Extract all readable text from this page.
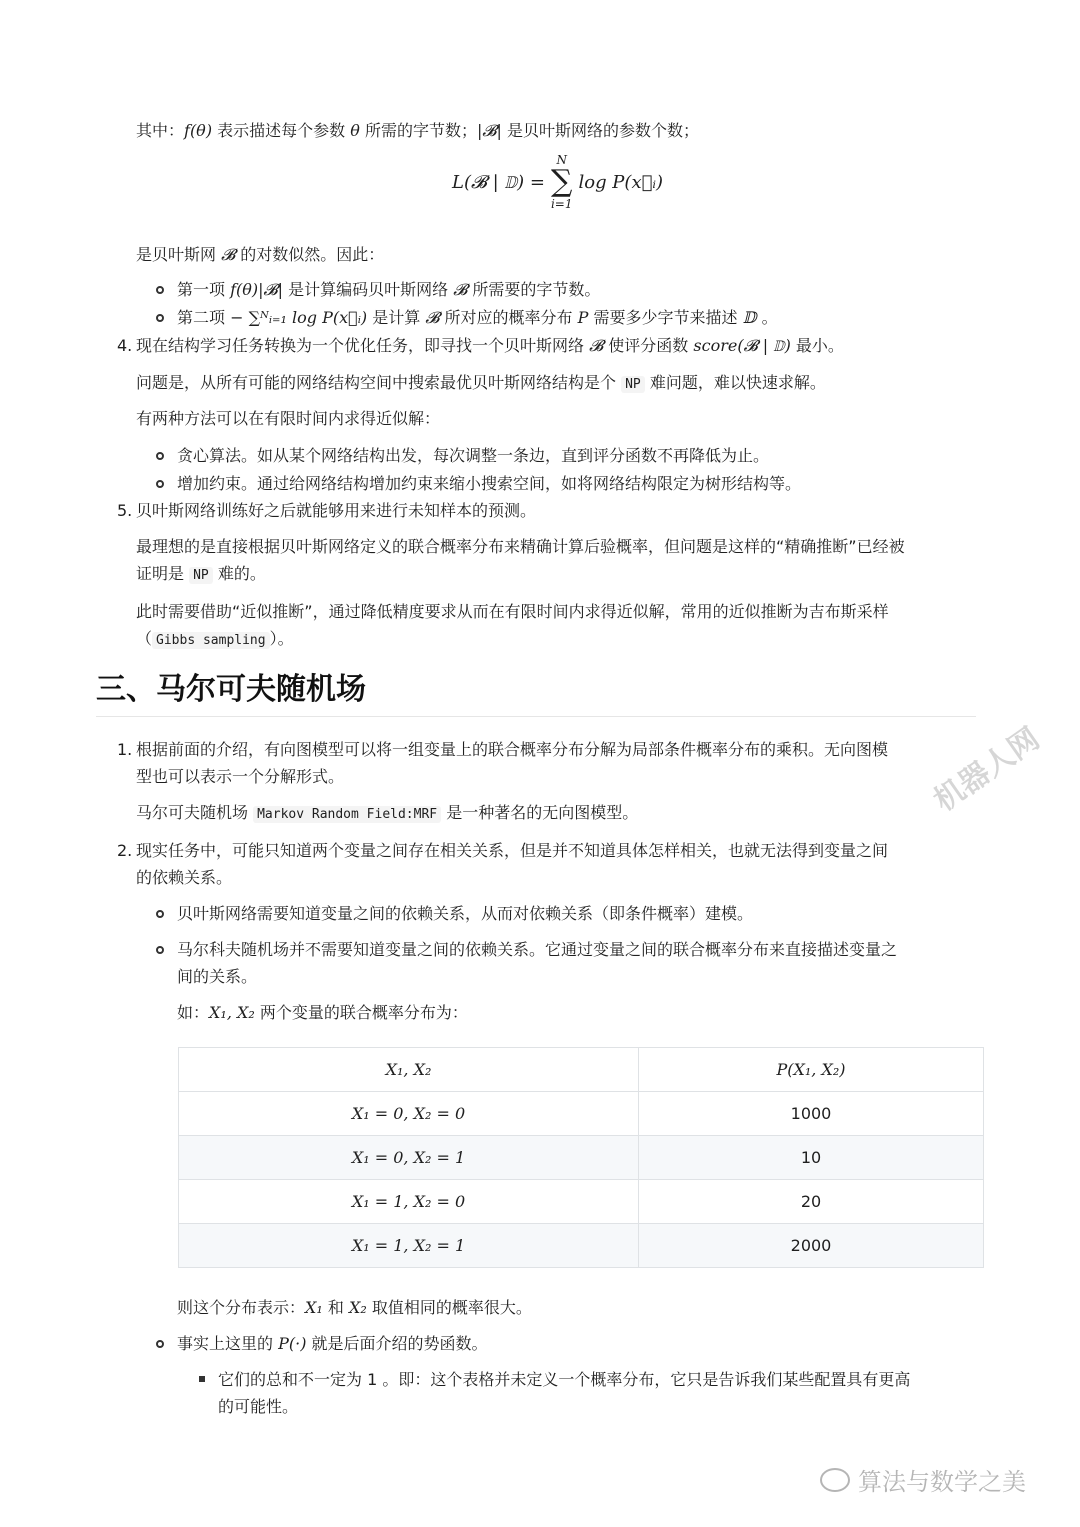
其中：f(θ) 表示描述每个参数 θ 所需的字节数；|𝓑| 是贝叶斯网络的参数个数；
L(𝓑 | 𝔻) =
N
∑
i=1
log P(x⃗ᵢ)
是贝叶斯网 𝓑 的对数似然。因此：
第一项 f(θ)|𝓑| 是计算编码贝叶斯网络 𝓑 所需要的字节数。
第二项 − ∑ᴺᵢ₌₁ log P(x⃗ᵢ) 是计算 𝓑 所对应的概率分布 P 需要多少字节来描述 𝔻 。
4. 现在结构学习任务转换为一个优化任务，即寻找一个贝叶斯网络 𝓑 使评分函数 score(𝓑 | 𝔻) 最小。
问题是，从所有可能的网络结构空间中搜索最优贝叶斯网络结构是个 NP 难问题，难以快速求解。
有两种方法可以在有限时间内求得近似解：
贪心算法。如从某个网络结构出发，每次调整一条边，直到评分函数不再降低为止。
增加约束。通过给网络结构增加约束来缩小搜索空间，如将网络结构限定为树形结构等。
5. 贝叶斯网络训练好之后就能够用来进行未知样本的预测。
最理想的是直接根据贝叶斯网络定义的联合概率分布来精确计算后验概率，但问题是这样的“精确推断”已经被
证明是 NP 难的。
此时需要借助“近似推断”，通过降低精度要求从而在有限时间内求得近似解，常用的近似推断为吉布斯采样
（ Gibbs sampling ）。
三、马尔可夫随机场
1. 根据前面的介绍，有向图模型可以将一组变量上的联合概率分布分解为局部条件概率分布的乘积。无向图模
型也可以表示一个分解形式。
马尔可夫随机场 Markov Random Field:MRF 是一种著名的无向图模型。
2. 现实任务中，可能只知道两个变量之间存在相关关系，但是并不知道具体怎样相关，也就无法得到变量之间
的依赖关系。
贝叶斯网络需要知道变量之间的依赖关系，从而对依赖关系（即条件概率）建模。
马尔科夫随机场并不需要知道变量之间的依赖关系。它通过变量之间的联合概率分布来直接描述变量之
间的关系。
如：X₁, X₂ 两个变量的联合概率分布为：
X₁, X₂	P(X₁, X₂)
X₁ = 0, X₂ = 0	1000
X₁ = 0, X₂ = 1	10
X₁ = 1, X₂ = 0	20
X₁ = 1, X₂ = 1	2000
则这个分布表示：X₁ 和 X₂ 取值相同的概率很大。
事实上这里的 P(·) 就是后面介绍的势函数。
它们的总和不一定为 1 。即：这个表格并未定义一个概率分布，它只是告诉我们某些配置具有更高
的可能性。
机器人网
算法与数学之美
